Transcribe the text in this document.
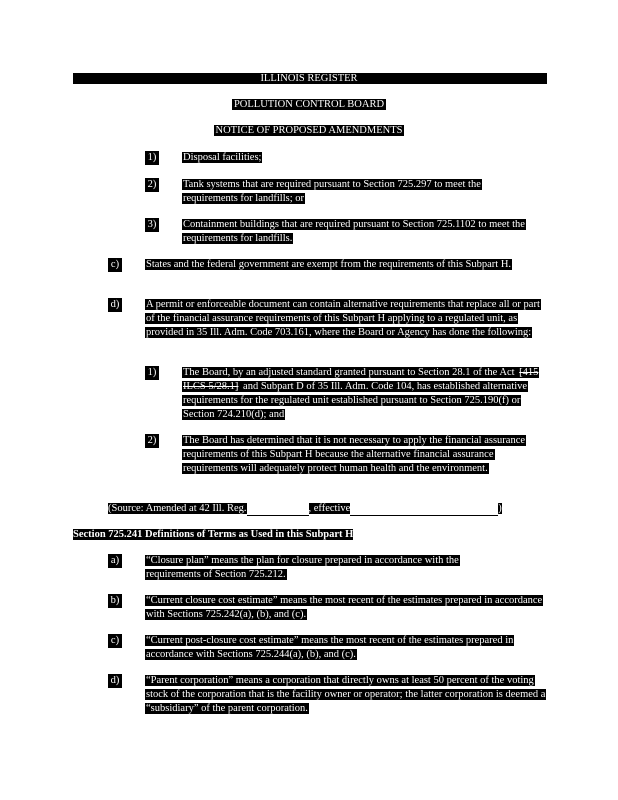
ILLINOIS REGISTER
POLLUTION CONTROL BOARD
NOTICE OF PROPOSED AMENDMENTS
1)	Disposal facilities;
2)	Tank systems that are required pursuant to Section 725.297 to meet the requirements for landfills; or
3)	Containment buildings that are required pursuant to Section 725.1102 to meet the requirements for landfills.
c)	States and the federal government are exempt from the requirements of this Subpart H.
d)	A permit or enforceable document can contain alternative requirements that replace all or part of the financial assurance requirements of this Subpart H applying to a regulated unit, as provided in 35 Ill. Adm. Code 703.161, where the Board or Agency has done the following:
1)	The Board, by an adjusted standard granted pursuant to Section 28.1 of the Act [415 ILCS 5/28.1] and Subpart D of 35 Ill. Adm. Code 104, has established alternative requirements for the regulated unit established pursuant to Section 725.190(f) or Section 724.210(d); and
2)	The Board has determined that it is not necessary to apply the financial assurance requirements of this Subpart H because the alternative financial assurance requirements will adequately protect human health and the environment.
(Source: Amended at 42 Ill. Reg.	, effective	)
Section 725.241 Definitions of Terms as Used in this Subpart H
a)	“Closure plan” means the plan for closure prepared in accordance with the requirements of Section 725.212.
b)	“Current closure cost estimate” means the most recent of the estimates prepared in accordance with Sections 725.242(a), (b), and (c).
c)	“Current post-closure cost estimate” means the most recent of the estimates prepared in accordance with Sections 725.244(a), (b), and (c).
d)	“Parent corporation” means a corporation that directly owns at least 50 percent of the voting stock of the corporation that is the facility owner or operator; the latter corporation is deemed a “subsidiary” of the parent corporation.
